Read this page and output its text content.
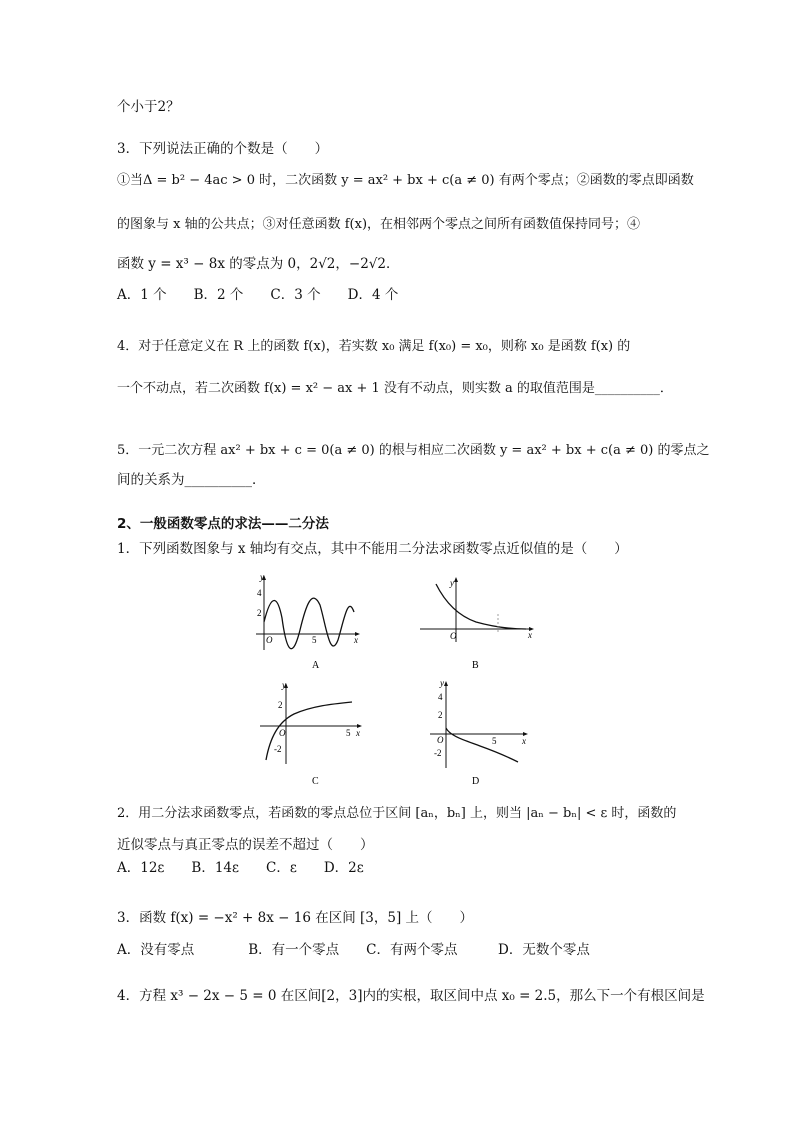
个小于2？
3．下列说法正确的个数是（　　）
①当Δ = b² − 4ac > 0 时，二次函数 y = ax² + bx + c(a ≠ 0) 有两个零点；②函数的零点即函数
的图象与 x 轴的公共点；③对任意函数 f(x)，在相邻两个零点之间所有函数值保持同号；④
函数 y = x³ − 8x 的零点为 0，2√2，−2√2．
A．1 个　　B．2 个　　C．3 个　　D．4 个
4．对于任意定义在 R 上的函数 f(x)，若实数 x₀ 满足 f(x₀) = x₀，则称 x₀ 是函数 f(x) 的
一个不动点，若二次函数 f(x) = x² − ax + 1 没有不动点，则实数 a 的取值范围是__________．
5．一元二次方程 ax² + bx + c = 0(a ≠ 0) 的根与相应二次函数 y = ax² + bx + c(a ≠ 0) 的零点之
间的关系为__________．
2、一般函数零点的求法——二分法
1．下列函数图象与 x 轴均有交点，其中不能用二分法求函数零点近似值的是（　　）
y
4
2
O	5	x
A
y
O	x
B
y
2
O
-2
5 x
C
y
4
2
O
-2
5	x
D
2．用二分法求函数零点，若函数的零点总位于区间 [aₙ，bₙ] 上，则当 |aₙ − bₙ| < ε 时，函数的
近似零点与真正零点的误差不超过（　　）
A．12ε　　B．14ε　　C．ε　　D．2ε
3．函数 f(x) = −x² + 8x − 16 在区间 [3，5] 上（　　）
A．没有零点　　　　B．有一个零点　　C．有两个零点　　　D．无数个零点
4．方程 x³ − 2x − 5 = 0 在区间[2，3]内的实根，取区间中点 x₀ = 2.5，那么下一个有根区间是
